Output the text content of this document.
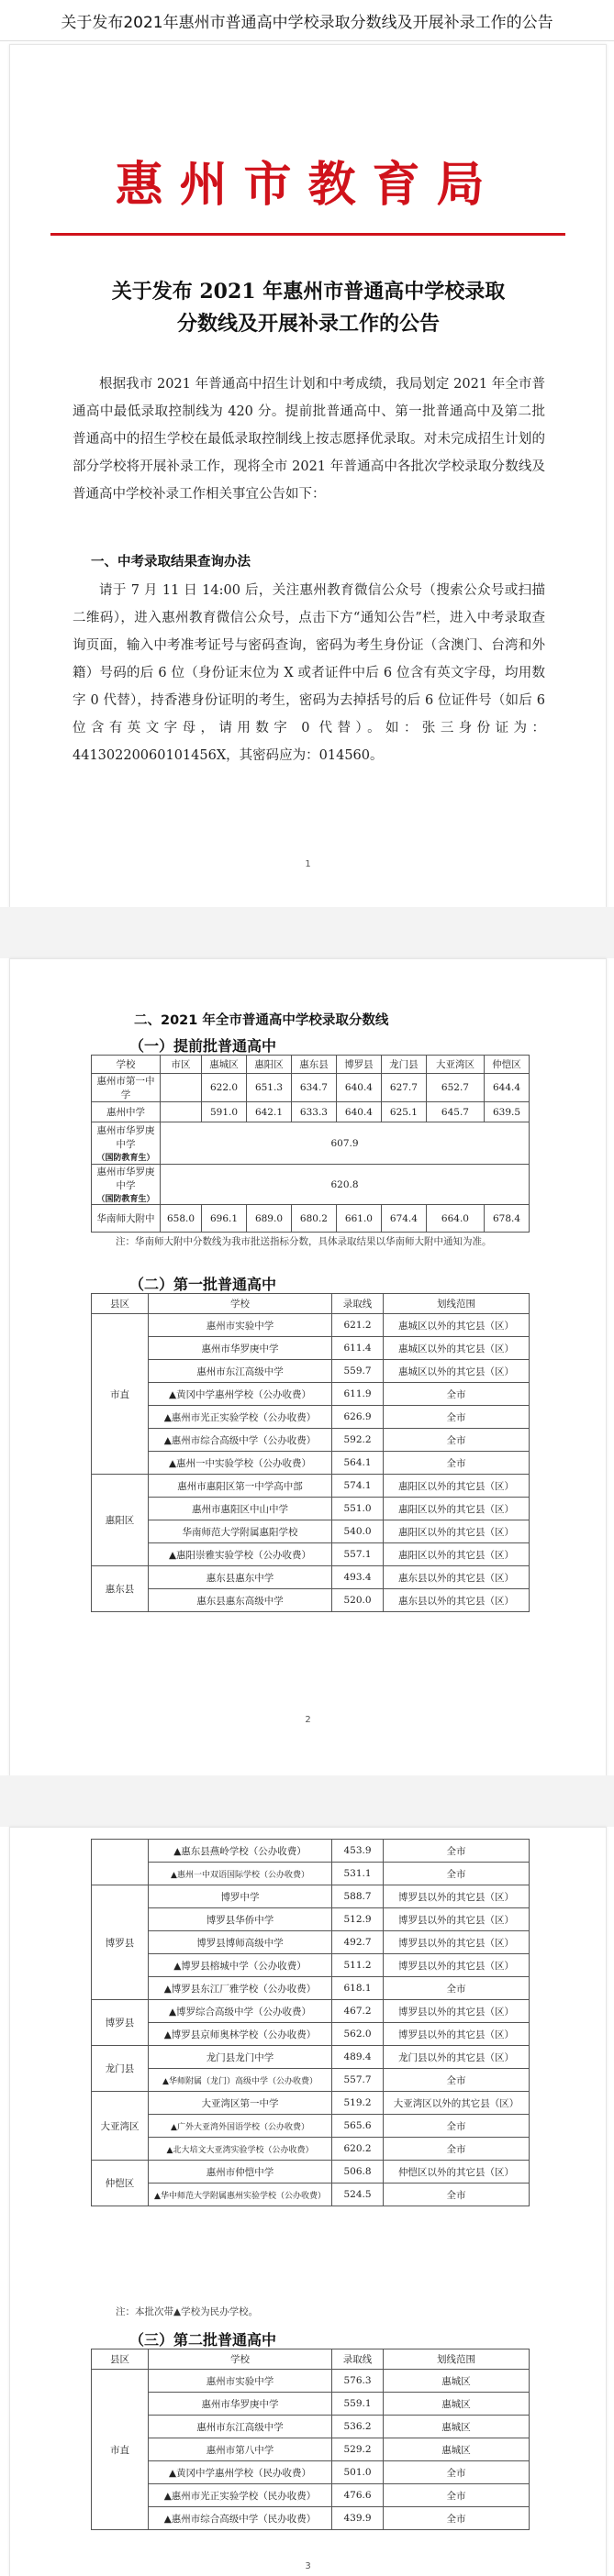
关于发布2021年惠州市普通高中学校录取分数线及开展补录工作的公告
惠州市教育局
关于发布 2021 年惠州市普通高中学校录取
分数线及开展补录工作的公告
根据我市 2021 年普通高中招生计划和中考成绩，我局划定 2021 年全市普通高中最低录取控制线为 420 分。提前批普通高中、第一批普通高中及第二批普通高中的招生学校在最低录取控制线上按志愿择优录取。对未完成招生计划的部分学校将开展补录工作，现将全市 2021 年普通高中各批次学校录取分数线及普通高中学校补录工作相关事宜公告如下：
一、中考录取结果查询办法
请于 7 月 11 日 14:00 后，关注惠州教育微信公众号（搜索公众号或扫描二维码），进入惠州教育微信公众号，点击下方“通知公告”栏，进入中考录取查询页面，输入中考准考证号与密码查询，密码为考生身份证（含澳门、台湾和外籍）号码的后 6 位（身份证末位为 X 或者证件中后 6 位含有英文字母，均用数字 0 代替），持香港身份证明的考生，密码为去掉括号的后 6 位证件号（如后 6 位含有英文字母，请用数字 0 代替）。如：张三身份证为：44130220060101456X，其密码应为：014560。
1
二、2021 年全市普通高中学校录取分数线
（一）提前批普通高中
学校	市区	惠城区	惠阳区	惠东县	博罗县	龙门县	大亚湾区	仲恺区
惠州市第一中学		622.0	651.3	634.7	640.4	627.7	652.7	644.4
惠州中学		591.0	642.1	633.3	640.4	625.1	645.7	639.5

惠州市华罗庚中学
（国防教育生）	607.9							

惠州市华罗庚中学
（国防教育生）	620.8							
华南师大附中	658.0	696.1	689.0	680.2	661.0	674.4	664.0	678.4
注：华南师大附中分数线为我市批送指标分数，具体录取结果以华南师大附中通知为准。
（二）第一批普通高中
县区	学校	录取线	划线范围
市直	惠州市实验中学	621.2	惠城区以外的其它县（区）
	惠州市华罗庚中学	611.4	惠城区以外的其它县（区）
	惠州市东江高级中学	559.7	惠城区以外的其它县（区）
	▲黄冈中学惠州学校（公办收费）	611.9	全市
	▲惠州市光正实验学校（公办收费）	626.9	全市
	▲惠州市综合高级中学（公办收费）	592.2	全市
	▲惠州一中实验学校（公办收费）	564.1	全市
惠阳区	惠州市惠阳区第一中学高中部	574.1	惠阳区以外的其它县（区）
	惠州市惠阳区中山中学	551.0	惠阳区以外的其它县（区）
	华南师范大学附属惠阳学校	540.0	惠阳区以外的其它县（区）
	▲惠阳崇雅实验学校（公办收费）	557.1	惠阳区以外的其它县（区）
惠东县	惠东县惠东中学	493.4	惠东县以外的其它县（区）
	惠东县惠东高级中学	520.0	惠东县以外的其它县（区）
2
	▲惠东县燕岭学校（公办收费）	453.9	全市
	▲惠州一中双语国际学校（公办收费）	531.1	全市
博罗县	博罗中学	588.7	博罗县以外的其它县（区）
	博罗县华侨中学	512.9	博罗县以外的其它县（区）
	博罗县博师高级中学	492.7	博罗县以外的其它县（区）
	▲博罗县榕城中学（公办收费）	511.2	博罗县以外的其它县（区）
	▲博罗县东江厂雅学校（公办收费）	618.1	全市
博罗县	▲博罗综合高级中学（公办收费）	467.2	博罗县以外的其它县（区）
	▲博罗县京师奥林学校（公办收费）	562.0	博罗县以外的其它县（区）
龙门县	龙门县龙门中学	489.4	龙门县以外的其它县（区）
	▲华师附属（龙门）高级中学（公办收费）	557.7	全市
大亚湾区	大亚湾区第一中学	519.2	大亚湾区以外的其它县（区）
	▲广外大亚湾外国语学校（公办收费）	565.6	全市
	▲北大培文大亚湾实验学校（公办收费）	620.2	全市
仲恺区	惠州市仲恺中学	506.8	仲恺区以外的其它县（区）
	▲华中师范大学附属惠州实验学校（公办收费）	524.5	全市
注：本批次带▲学校为民办学校。
（三）第二批普通高中
县区	学校	录取线	划线范围
市直	惠州市实验中学	576.3	惠城区
	惠州市华罗庚中学	559.1	惠城区
	惠州市东江高级中学	536.2	惠城区
	惠州市第八中学	529.2	惠城区
	▲黄冈中学惠州学校（民办收费）	501.0	全市
	▲惠州市光正实验学校（民办收费）	476.6	全市
	▲惠州市综合高级中学（民办收费）	439.9	全市
3
